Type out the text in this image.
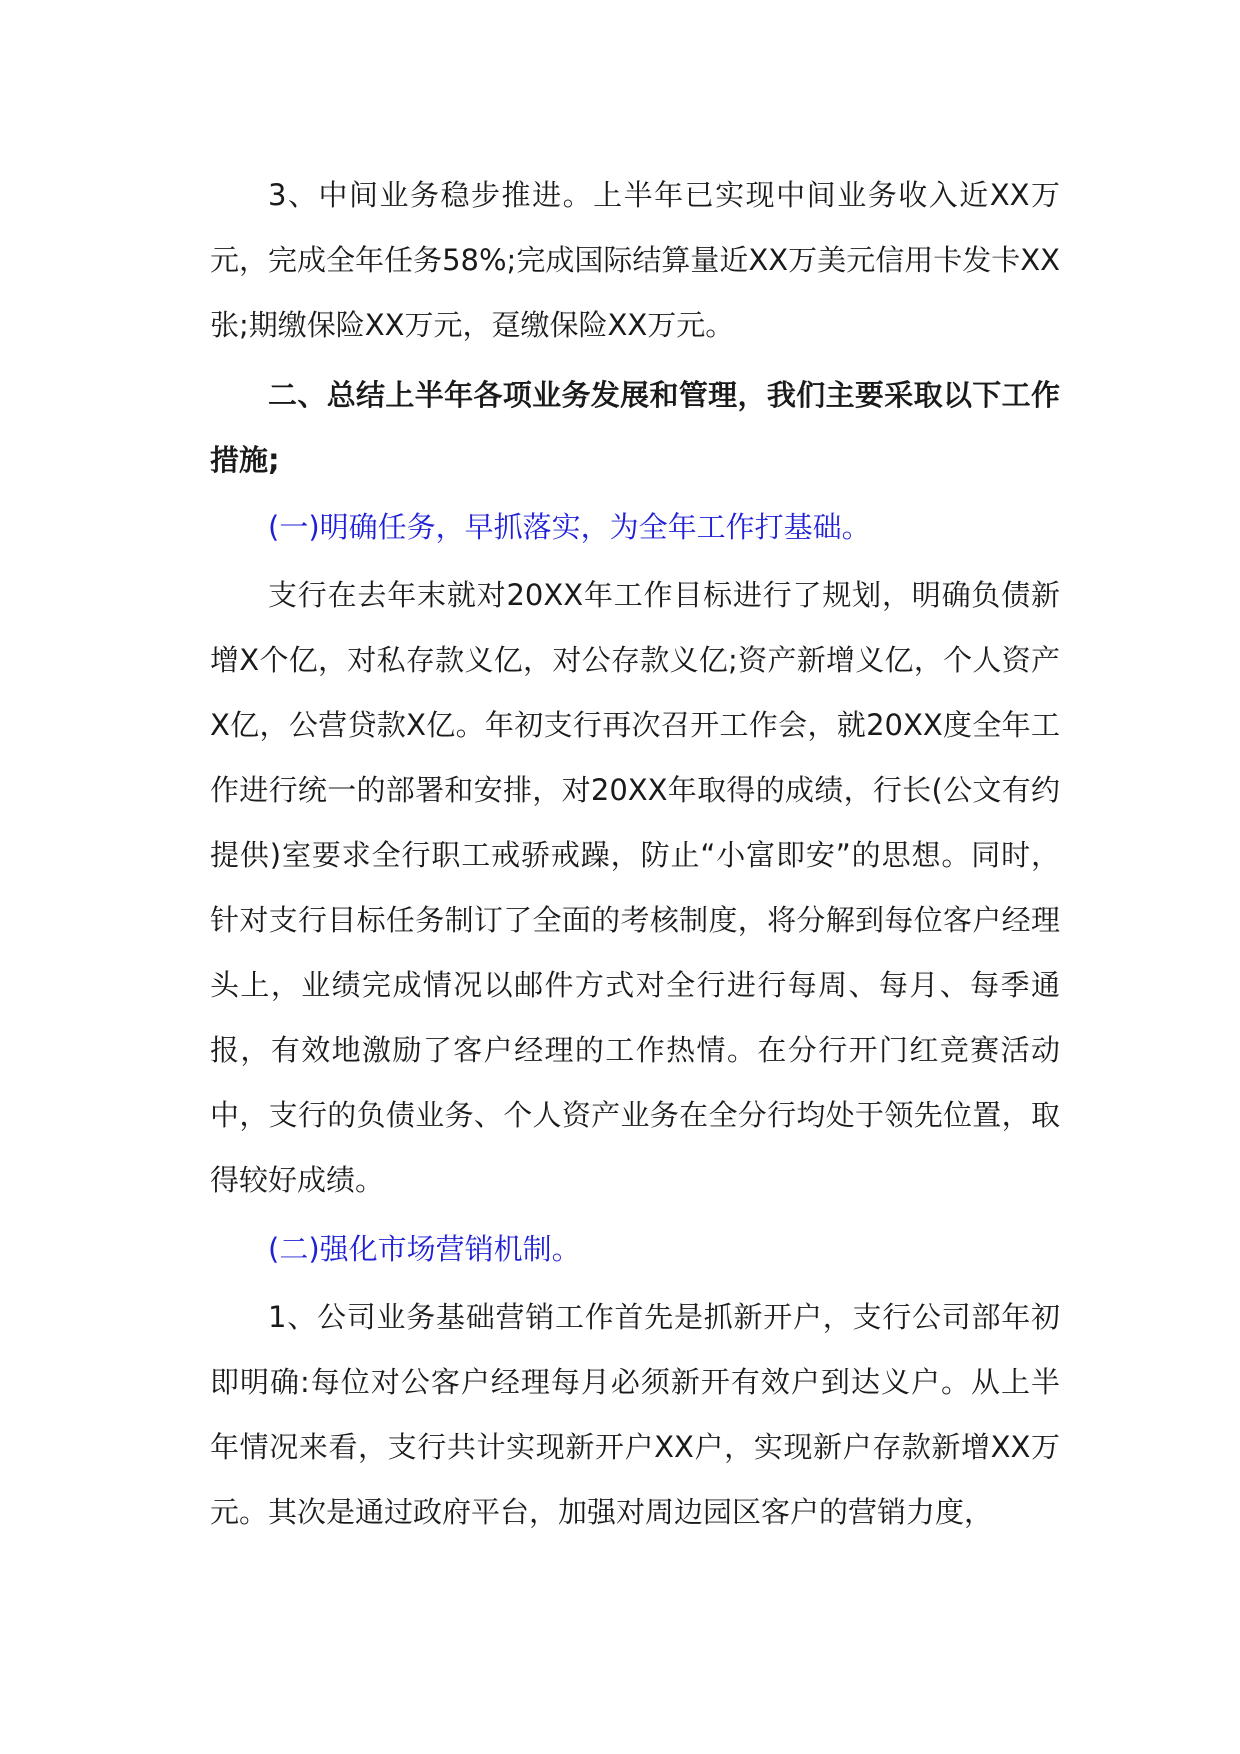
3、中间业务稳步推进。上半年已实现中间业务收入近XX万元，完成全年任务58%;完成国际结算量近XX万美元信用卡发卡XX张;期缴保险XX万元，趸缴保险XX万元。

二、总结上半年各项业务发展和管理，我们主要采取以下工作措施;

(一)明确任务，早抓落实，为全年工作打基础。

支行在去年末就对20XX年工作目标进行了规划，明确负债新增X个亿，对私存款义亿，对公存款义亿;资产新增义亿，个人资产X亿，公营贷款X亿。年初支行再次召开工作会，就20XX度全年工作进行统一的部署和安排，对20XX年取得的成绩，行长(公文有约提供)室要求全行职工戒骄戒躁，防止“小富即安”的思想。同时，针对支行目标任务制订了全面的考核制度，将分解到每位客户经理头上，业绩完成情况以邮件方式对全行进行每周、每月、每季通报，有效地激励了客户经理的工作热情。在分行开门红竞赛活动中，支行的负债业务、个人资产业务在全分行均处于领先位置，取得较好成绩。

(二)强化市场营销机制。

1、公司业务基础营销工作首先是抓新开户，支行公司部年初即明确:每位对公客户经理每月必须新开有效户到达义户。从上半年情况来看，支行共计实现新开户XX户，实现新户存款新增XX万元。其次是通过政府平台，加强对周边园区客户的营销力度，
